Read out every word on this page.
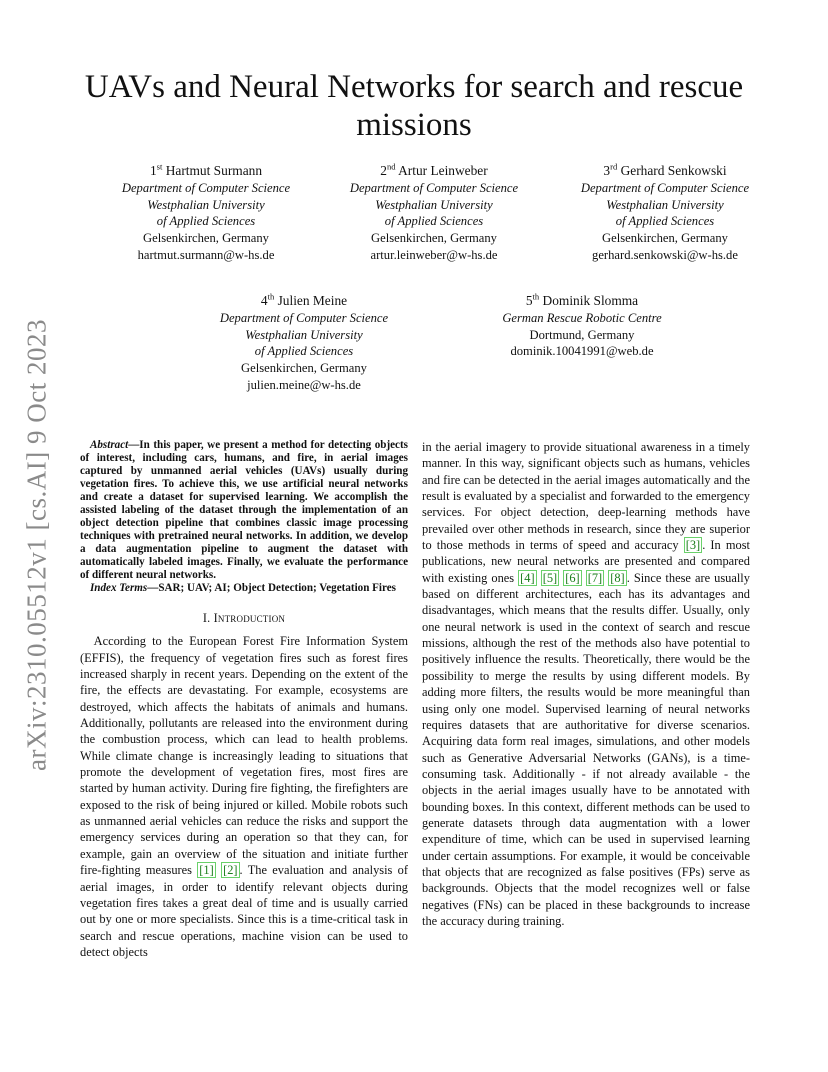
UAVs and Neural Networks for search and rescue
missions
1st Hartmut Surmann
Department of Computer Science
Westphalian University
of Applied Sciences
Gelsenkirchen, Germany
hartmut.surmann@w-hs.de
2nd Artur Leinweber
Department of Computer Science
Westphalian University
of Applied Sciences
Gelsenkirchen, Germany
artur.leinweber@w-hs.de
3rd Gerhard Senkowski
Department of Computer Science
Westphalian University
of Applied Sciences
Gelsenkirchen, Germany
gerhard.senkowski@w-hs.de
4th Julien Meine
Department of Computer Science
Westphalian University
of Applied Sciences
Gelsenkirchen, Germany
julien.meine@w-hs.de
5th Dominik Slomma
German Rescue Robotic Centre
Dortmund, Germany
dominik.10041991@web.de
arXiv:2310.05512v1 [cs.AI] 9 Oct 2023	Abstract—In this paper, we present a method for detecting objects of interest, including cars, humans, and fire, in aerial images captured by unmanned aerial vehicles (UAVs) usually during vegetation fires. To achieve this, we use artificial neural networks and create a dataset for supervised learning. We accomplish the assisted labeling of the dataset through the implementation of an object detection pipeline that combines classic image processing techniques with pretrained neural networks. In addition, we develop a data augmentation pipeline to augment the dataset with automatically labeled images. Finally, we evaluate the performance of different neural networks.

Index Terms—SAR; UAV; AI; Object Detection; Vegetation Fires

I. Introduction

According to the European Forest Fire Information System (EFFIS), the frequency of vegetation fires such as forest fires increased sharply in recent years. Depending on the extent of the fire, the effects are devastating. For example, ecosystems are destroyed, which affects the habitats of animals and humans. Additionally, pollutants are released into the environment during the combustion process, which can lead to health problems. While climate change is increasingly leading to situations that promote the development of vegetation fires, most fires are started by human activity. During fire fighting, the firefighters are exposed to the risk of being injured or killed. Mobile robots such as unmanned aerial vehicles can reduce the risks and support the emergency services during an operation so that they can, for example, gain an overview of the situation and initiate further fire-fighting measures [1] [2] . The evaluation and analysis of aerial images, in order to identify relevant objects during vegetation fires takes a great deal of time and is usually carried out by one or more specialists. Since this is a time-critical task in search and rescue operations, machine vision can be used to detect objects

in the aerial imagery to provide situational awareness in a timely manner. In this way, significant objects such as humans, vehicles and fire can be detected in the aerial images automatically and the result is evaluated by a specialist and forwarded to the emergency services. For object detection, deep-learning methods have prevailed over other methods in research, since they are superior to those methods in terms of speed and accuracy [3] . In most publications, new neural networks are presented and compared with existing ones [4] [5] [6] [7] [8] . Since these are usually based on different architectures, each has its advantages and disadvantages, which means that the results differ. Usually, only one neural network is used in the context of search and rescue missions, although the rest of the methods also have potential to positively influence the results. Theoretically, there would be the possibility to merge the results by using different models. By adding more filters, the results would be more meaningful than using only one model. Supervised learning of neural networks requires datasets that are authoritative for diverse scenarios. Acquiring data form real images, simulations, and other models such as Generative Adversarial Networks (GANs), is a time-consuming task. Additionally - if not already available - the objects in the aerial images usually have to be annotated with bounding boxes. In this context, different methods can be used to generate datasets through data augmentation with a lower expenditure of time, which can be used in supervised learning under certain assumptions. For example, it would be conceivable that objects that are recognized as false positives (FPs) serve as backgrounds. Objects that the model recognizes well or false negatives (FNs) can be placed in these backgrounds to increase the accuracy during training.
